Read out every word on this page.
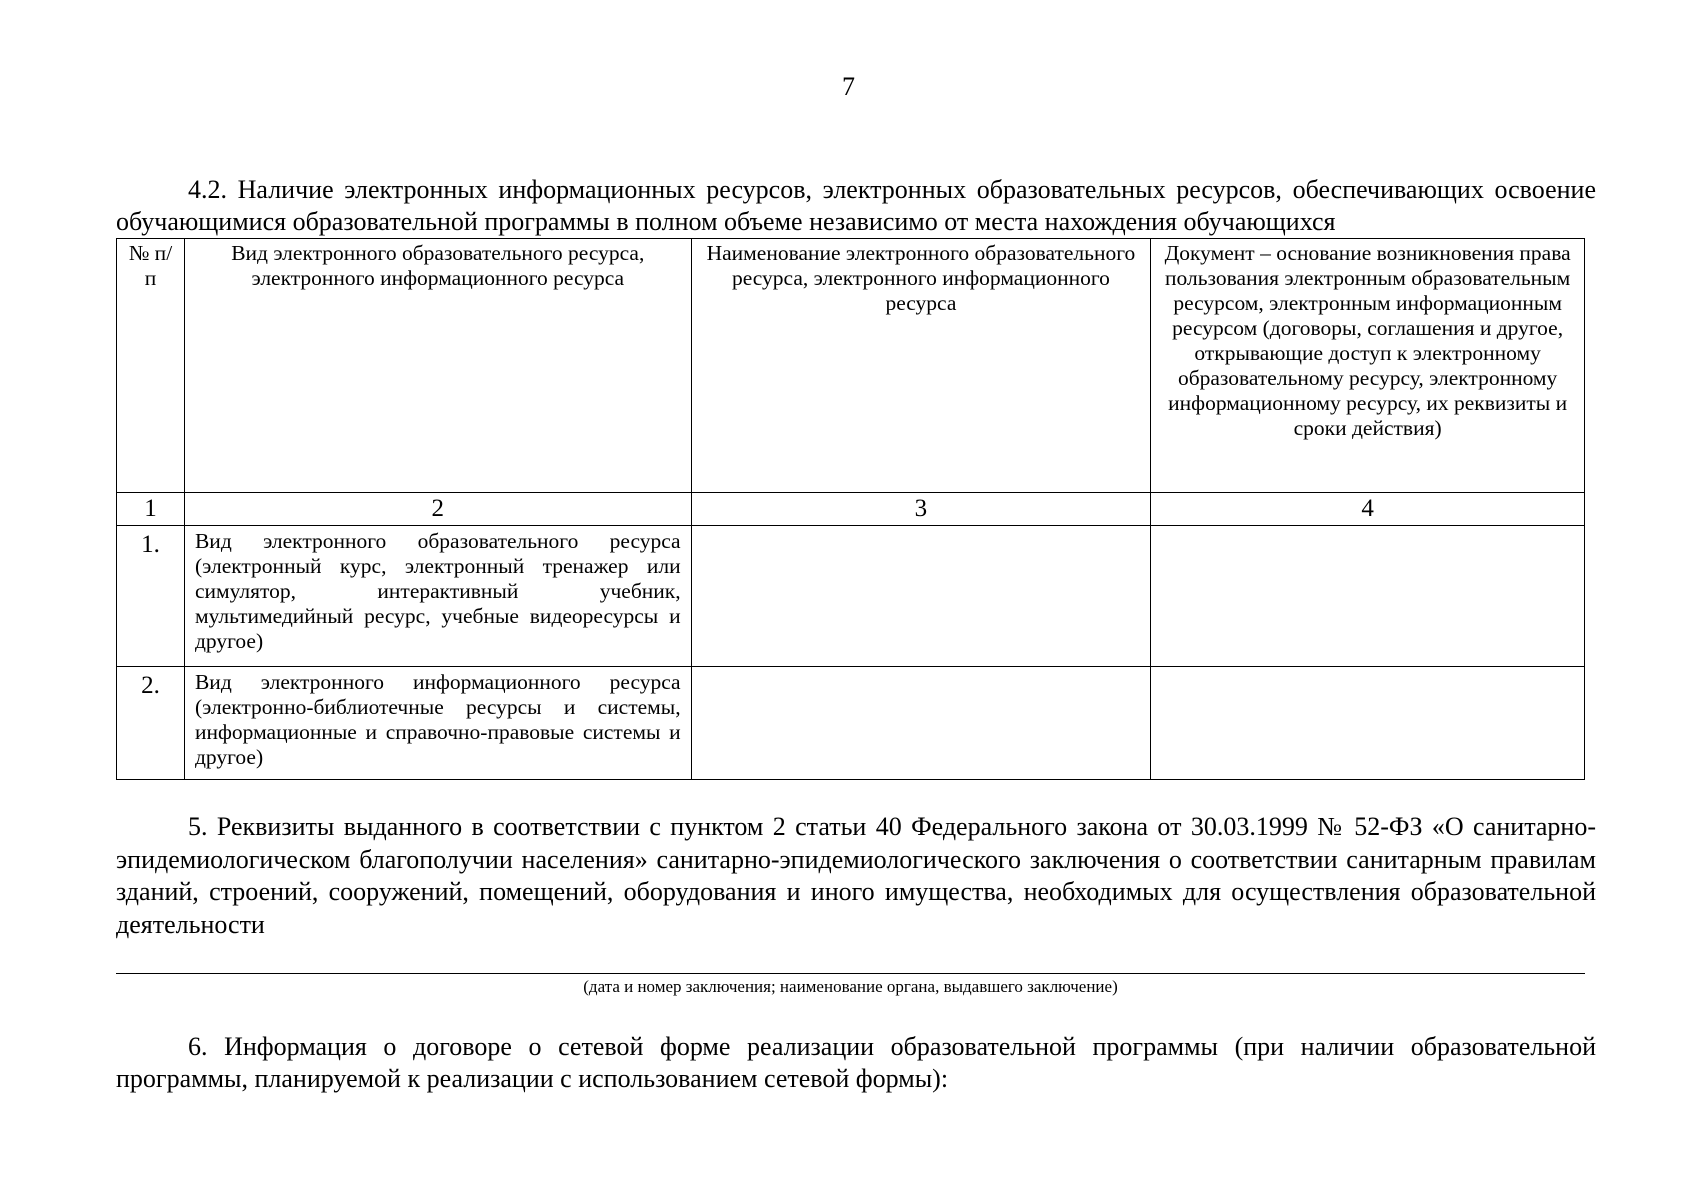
7

4.2. Наличие электронных информационных ресурсов, электронных образовательных ресурсов, обеспечивающих освоение обучающимися образовательной программы в полном объеме независимо от места нахождения обучающихся

№ п/п	Вид электронного образовательного ресурса, электронного информационного ресурса	Наименование электронного образовательного ресурса, электронного информационного ресурса	Документ – основание возникновения права пользования электронным образовательным ресурсом, электронным информационным ресурсом (договоры, соглашения и другое, открывающие доступ к электронному образовательному ресурсу, электронному информационному ресурсу, их реквизиты и сроки действия)
1	2	3	4
1.	Вид электронного образовательного ресурса (электронный курс, электронный тренажер или симулятор, интерактивный учебник, мультимедийный ресурс, учебные видеоресурсы и другое)		
2.	Вид электронного информационного ресурса (электронно-библиотечные ресурсы и системы, информационные и справочно-правовые системы и другое)		

5. Реквизиты выданного в соответствии с пунктом 2 статьи 40 Федерального закона от 30.03.1999 № 52-ФЗ «О санитарно-эпидемиологическом благополучии населения» санитарно-эпидемиологического заключения о соответствии санитарным правилам зданий, строений, сооружений, помещений, оборудования и иного имущества, необходимых для осуществления образовательной деятельности

(дата и номер заключения; наименование органа, выдавшего заключение)

6. Информация о договоре о сетевой форме реализации образовательной программы (при наличии образовательной программы, планируемой к реализации с использованием сетевой формы):
